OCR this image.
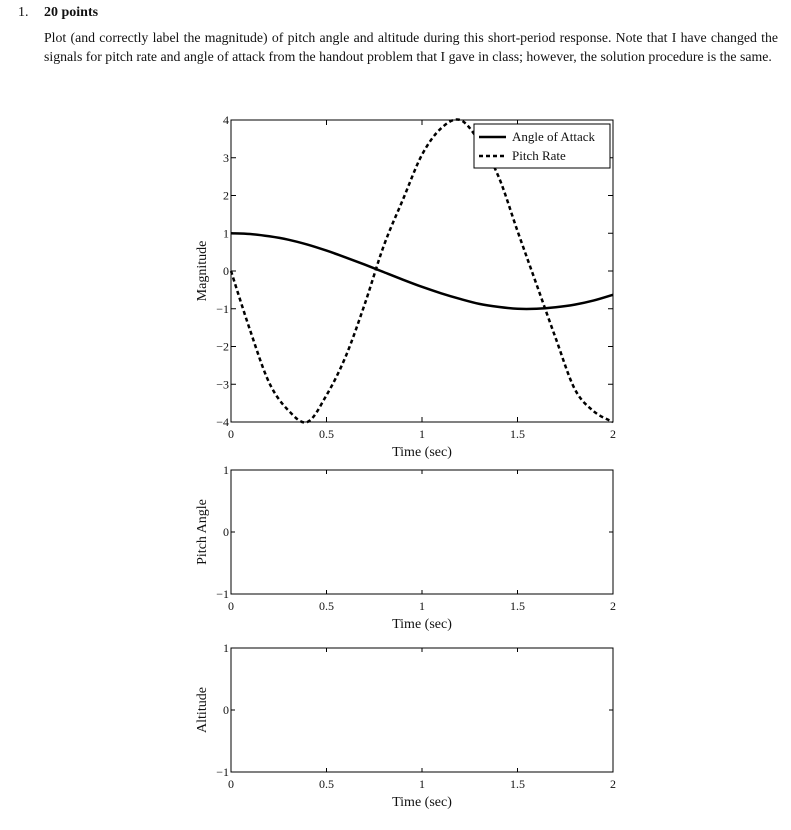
1. 20 points
Plot (and correctly label the magnitude) of pitch angle and altitude during this short-period response. Note that I have changed the signals for pitch rate and angle of attack from the handout problem that I gave in class; however, the solution procedure is the same.
0	0.5	1	1.5	2
−4
−3
−2
−1
0
1
2
3
4
Time (sec)
Magnitude
Angle of Attack
Pitch Rate
0	0.5	1	1.5	2
−1
0
1
Time (sec)
Pitch Angle
0	0.5	1	1.5	2
−1
0
1
Time (sec)
Altitude
